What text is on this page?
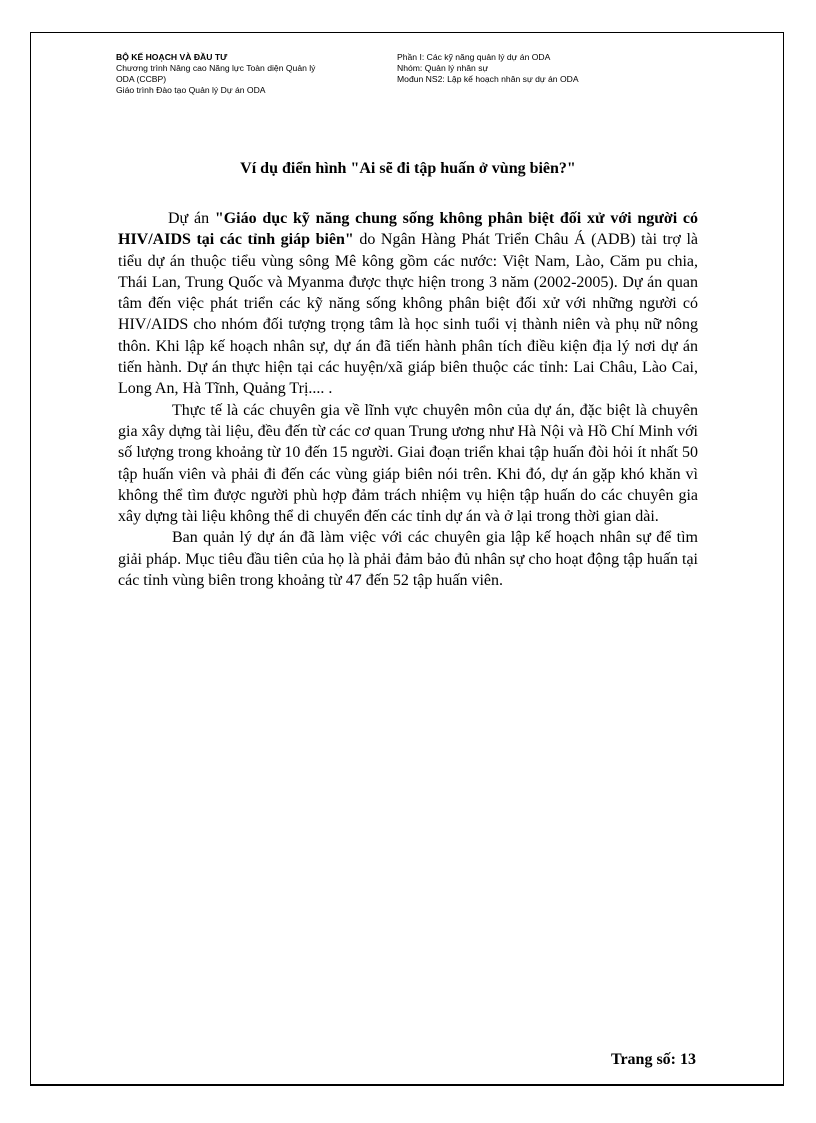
BỘ KẾ HOẠCH VÀ ĐẦU TƯ
Chương trình Nâng cao Năng lực Toàn diện Quản lý
ODA (CCBP)
Giáo trình Đào tạo Quản lý Dự án ODA
Phần I: Các kỹ năng quản lý dự án ODA
Nhóm: Quản lý nhân sự
Mođun NS2: Lập kế hoạch nhân sự dự án ODA
Ví dụ điển hình "Ai sẽ đi tập huấn ở vùng biên?"

Dự án "Giáo dục kỹ năng chung sống không phân biệt đối xử với người có HIV/AIDS tại các tỉnh giáp biên" do Ngân Hàng Phát Triển Châu Á (ADB) tài trợ là tiểu dự án thuộc tiểu vùng sông Mê kông gồm các nước: Việt Nam, Lào, Căm pu chia, Thái Lan, Trung Quốc và Myanma được thực hiện trong 3 năm (2002-2005). Dự án quan tâm đến việc phát triển các kỹ năng sống không phân biệt đối xử với những người có HIV/AIDS cho nhóm đối tượng trọng tâm là học sinh tuổi vị thành niên và phụ nữ nông thôn. Khi lập kế hoạch nhân sự, dự án đã tiến hành phân tích điều kiện địa lý nơi dự án tiến hành. Dự án thực hiện tại các huyện/xã giáp biên thuộc các tỉnh: Lai Châu, Lào Cai, Long An, Hà Tĩnh, Quảng Trị.... .

Thực tế là các chuyên gia về lĩnh vực chuyên môn của dự án, đặc biệt là chuyên gia xây dựng tài liệu, đều đến từ các cơ quan Trung ương như Hà Nội và Hồ Chí Minh với số lượng trong khoảng từ 10 đến 15 người. Giai đoạn triển khai tập huấn đòi hỏi ít nhất 50 tập huấn viên và phải đi đến các vùng giáp biên nói trên. Khi đó, dự án gặp khó khăn vì không thể tìm được người phù hợp đảm trách nhiệm vụ hiện tập huấn do các chuyên gia xây dựng tài liệu không thể di chuyển đến các tỉnh dự án và ở lại trong thời gian dài.

Ban quản lý dự án đã làm việc với các chuyên gia lập kế hoạch nhân sự để tìm giải pháp. Mục tiêu đầu tiên của họ là phải đảm bảo đủ nhân sự cho hoạt động tập huấn tại các tỉnh vùng biên trong khoảng từ 47 đến 52 tập huấn viên.

Trang số: 13
